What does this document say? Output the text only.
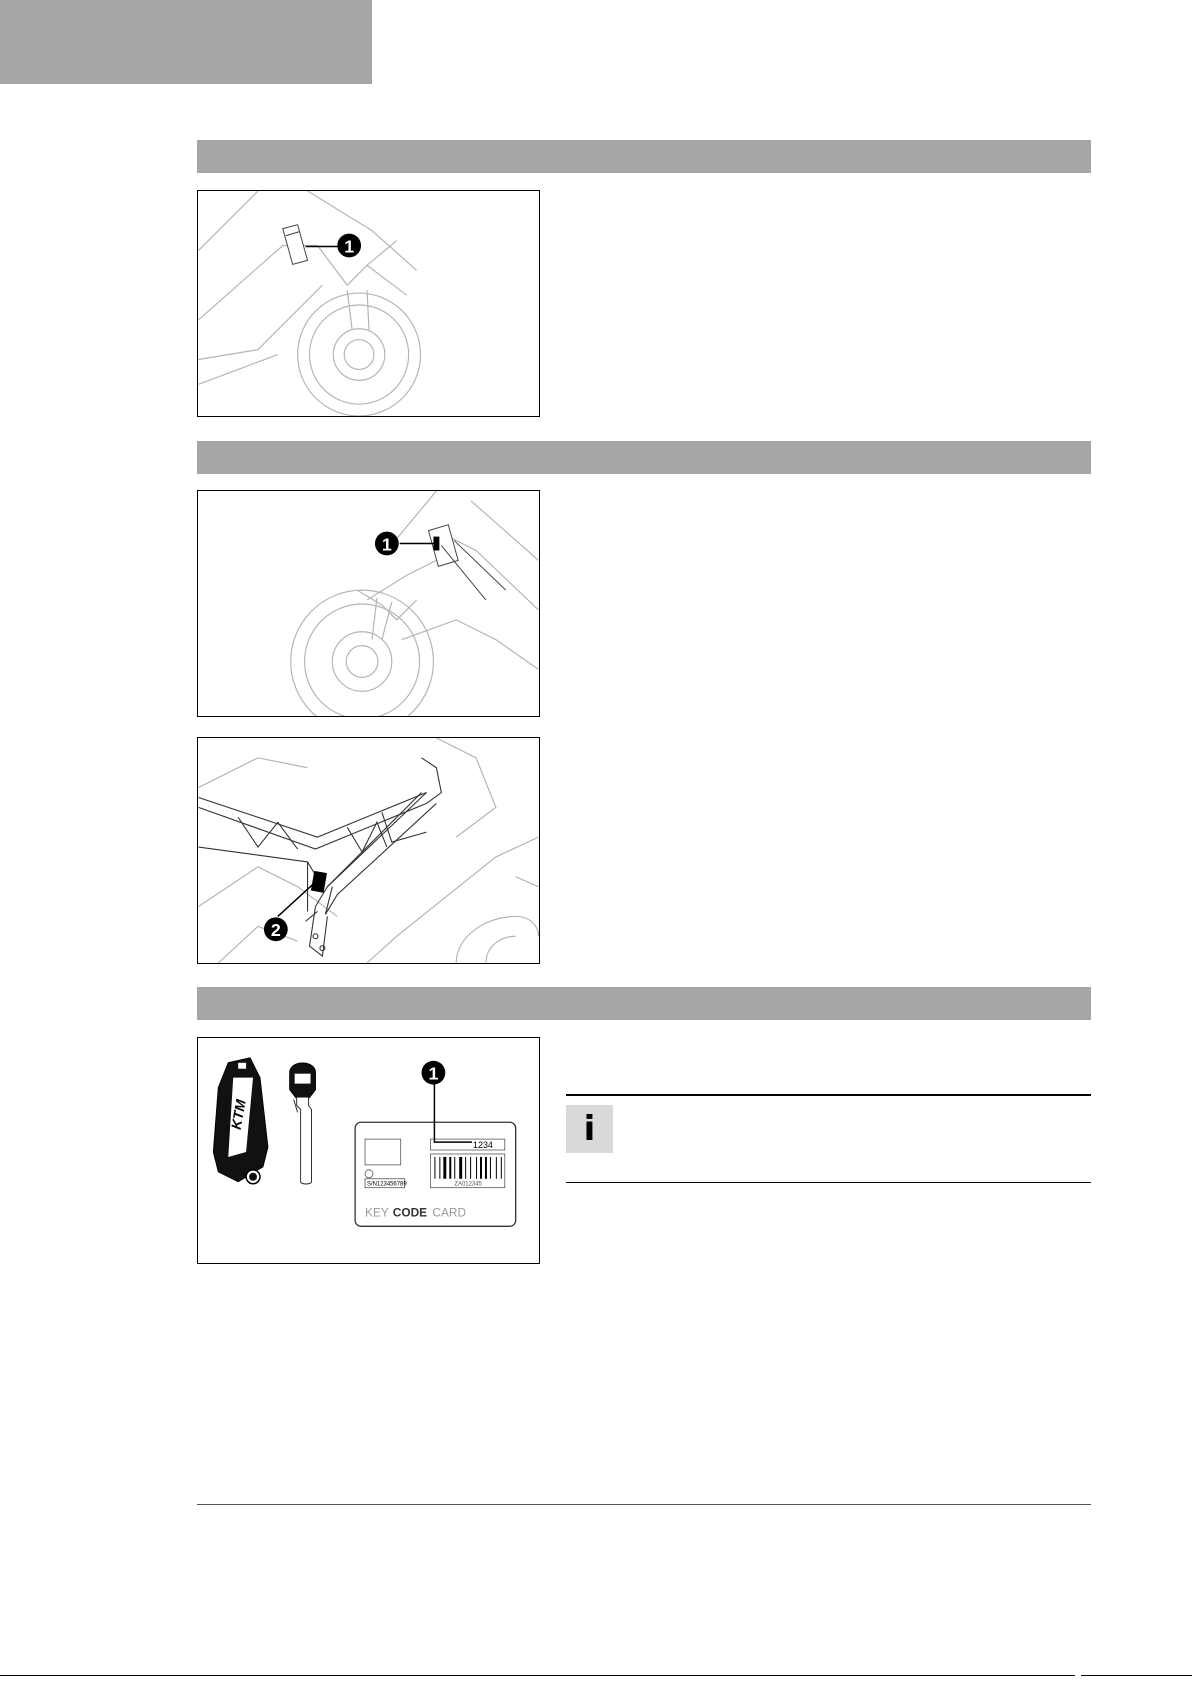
1
1
2
KTM
S/N123456789
1234
ZA012345
KEY CODE CARD
1
i
